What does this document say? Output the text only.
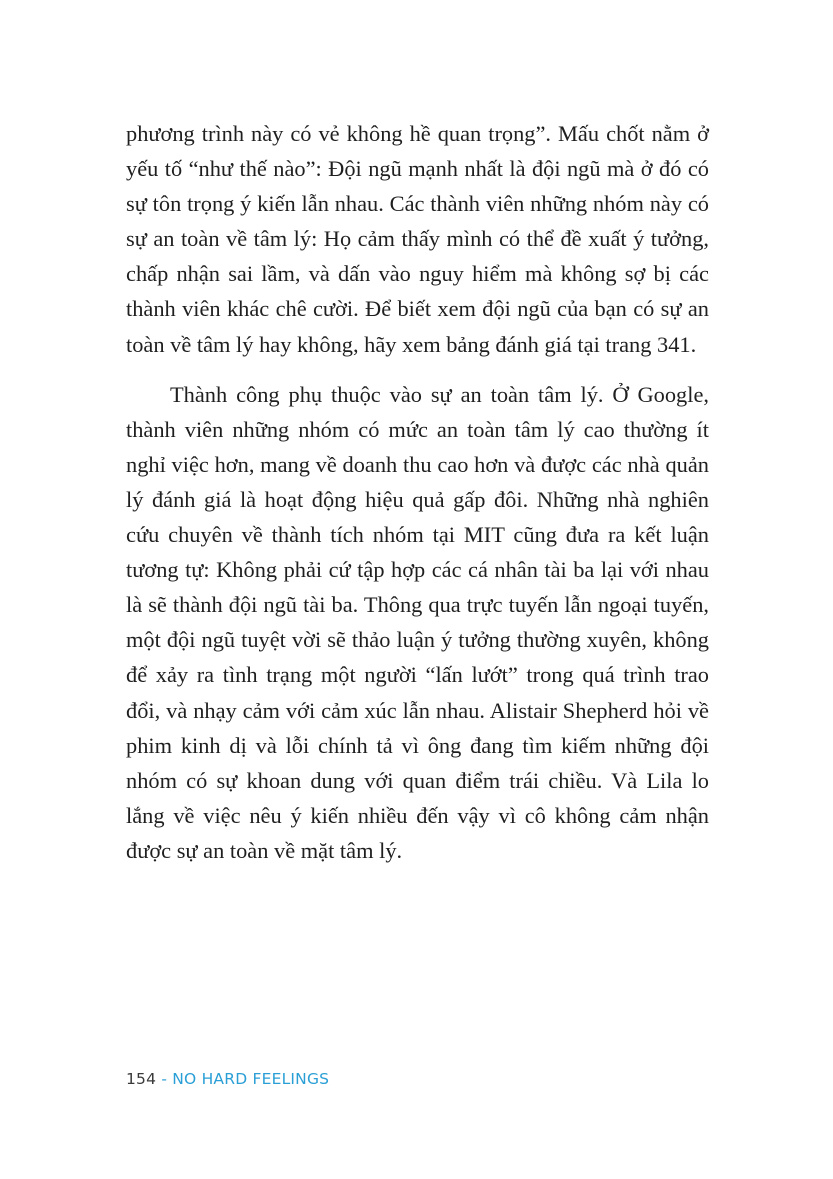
phương trình này có vẻ không hề quan trọng”. Mấu chốt nằm ở yếu tố “như thế nào”: Đội ngũ mạnh nhất là đội ngũ mà ở đó có sự tôn trọng ý kiến lẫn nhau. Các thành viên những nhóm này có sự an toàn về tâm lý: Họ cảm thấy mình có thể đề xuất ý tưởng, chấp nhận sai lầm, và dấn vào nguy hiểm mà không sợ bị các thành viên khác chê cười. Để biết xem đội ngũ của bạn có sự an toàn về tâm lý hay không, hãy xem bảng đánh giá tại trang 341.

Thành công phụ thuộc vào sự an toàn tâm lý. Ở Google, thành viên những nhóm có mức an toàn tâm lý cao thường ít nghỉ việc hơn, mang về doanh thu cao hơn và được các nhà quản lý đánh giá là hoạt động hiệu quả gấp đôi. Những nhà nghiên cứu chuyên về thành tích nhóm tại MIT cũng đưa ra kết luận tương tự: Không phải cứ tập hợp các cá nhân tài ba lại với nhau là sẽ thành đội ngũ tài ba. Thông qua trực tuyến lẫn ngoại tuyến, một đội ngũ tuyệt vời sẽ thảo luận ý tưởng thường xuyên, không để xảy ra tình trạng một người “lấn lướt” trong quá trình trao đổi, và nhạy cảm với cảm xúc lẫn nhau. Alistair Shepherd hỏi về phim kinh dị và lỗi chính tả vì ông đang tìm kiếm những đội nhóm có sự khoan dung với quan điểm trái chiều. Và Lila lo lắng về việc nêu ý kiến nhiều đến vậy vì cô không cảm nhận được sự an toàn về mặt tâm lý.

154 - NO HARD FEELINGS
